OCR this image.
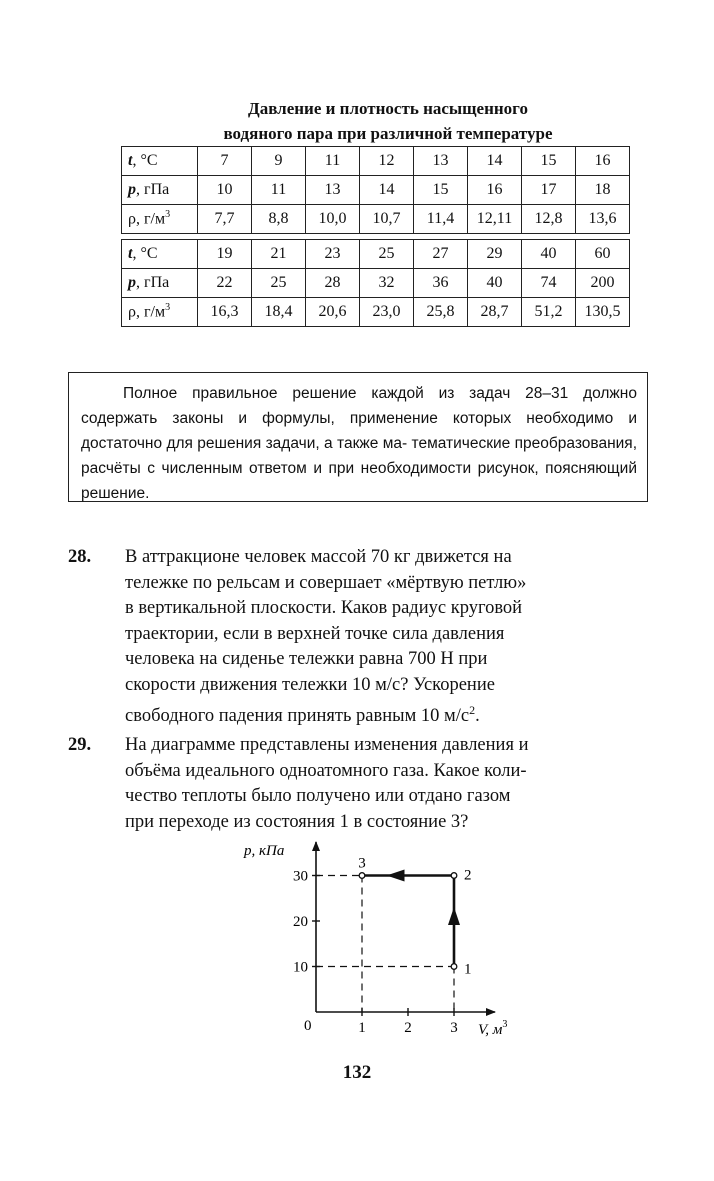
Давление и плотность насыщенного
водяного пара при различной температуре
t, °С	7	9	11	12	13	14	15	16
p, гПа	10	11	13	14	15	16	17	18
ρ, $г/м^3$	7,7	8,8	10,0	10,7	11,4	12,11	12,8	13,6
t, °С	19	21	23	25	27	29	40	60
p, гПа	22	25	28	32	36	40	74	200
ρ, $г/м^3$	16,3	18,4	20,6	23,0	25,8	28,7	51,2	130,5
Полное правильное решение каждой из задач 28–31 должно содержать законы и формулы, применение которых необходимо и достаточно для решения задачи, а также ма- тематические преобразования, расчёты с численным ответом и при необходимости рисунок, поясняющий решение.
28. В аттракционе человек массой 70 кг движется на
тележке по рельсам и совершает «мёртвую петлю»
в вертикальной плоскости. Каков радиус круговой
траектории, если в верхней точке сила давления
человека на сиденье тележки равна 700 Н при
скорости движения тележки 10 м/с? Ускорение
свободного падения принять равным 10 $м/с^2$.
29. На диаграмме представлены изменения давления и
объёма идеального одноатомного газа. Какое коли-
чество теплоты было получено или отдано газом
при переходе из состояния 1 в состояние 3?
p, кПа
V, $м^3$
0
10
20
30
1	2	3
1
2
3
132
